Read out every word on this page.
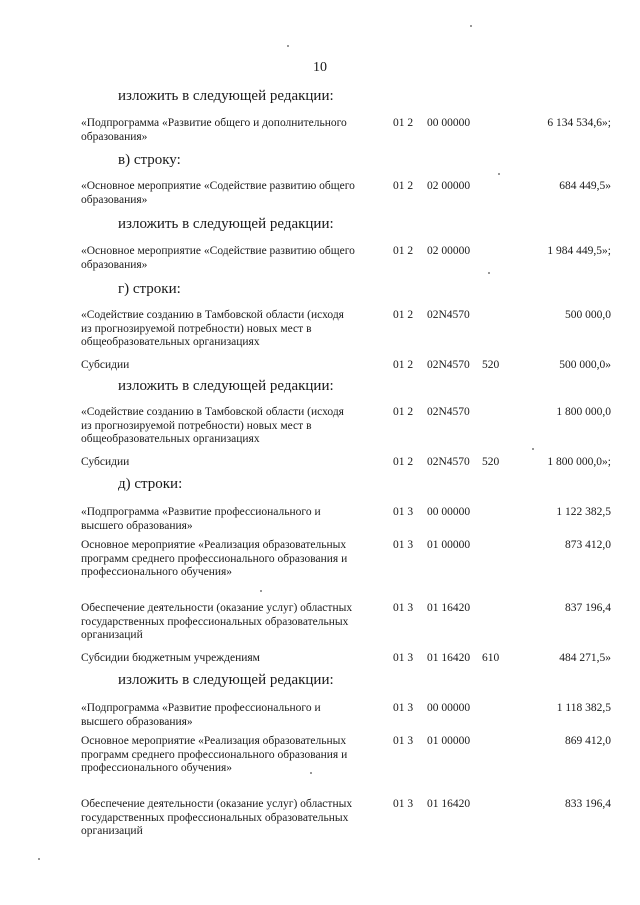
10
изложить в следующей редакции:
«Подпрограмма «Развитие общего и дополнительного образования»
01 2 00 00000	6 134 534,6»;
в) строку:
«Основное мероприятие «Содействие развитию общего образования»
01 2 02 00000	684 449,5»
изложить в следующей редакции:
«Основное мероприятие «Содействие развитию общего образования»
01 2 02 00000	1 984 449,5»;
г) строки:
«Содействие созданию в Тамбовской области (исходя из прогнозируемой потребности) новых мест в общеобразовательных организациях
01 2 02N4570	500 000,0
Субсидии	01 2 02N4570 520	500 000,0»
изложить в следующей редакции:
«Содействие созданию в Тамбовской области (исходя из прогнозируемой потребности) новых мест в общеобразовательных организациях
01 2 02N4570	1 800 000,0
Субсидии	01 2 02N4570 520	1 800 000,0»;
д) строки:
«Подпрограмма «Развитие профессионального и высшего образования»
01 3 00 00000	1 122 382,5
Основное мероприятие «Реализация образовательных программ среднего профессионального образования и профессионального обучения»
01 3 01 00000	873 412,0
Обеспечение деятельности (оказание услуг) областных государственных профессиональных образовательных организаций
01 3 01 16420	837 196,4
Субсидии бюджетным учреждениям	01 3 01 16420 610	484 271,5»
изложить в следующей редакции:
«Подпрограмма «Развитие профессионального и высшего образования»
01 3 00 00000	1 118 382,5
Основное мероприятие «Реализация образовательных программ среднего профессионального образования и профессионального обучения»
01 3 01 00000	869 412,0
Обеспечение деятельности (оказание услуг) областных государственных профессиональных образовательных организаций
01 3 01 16420	833 196,4
